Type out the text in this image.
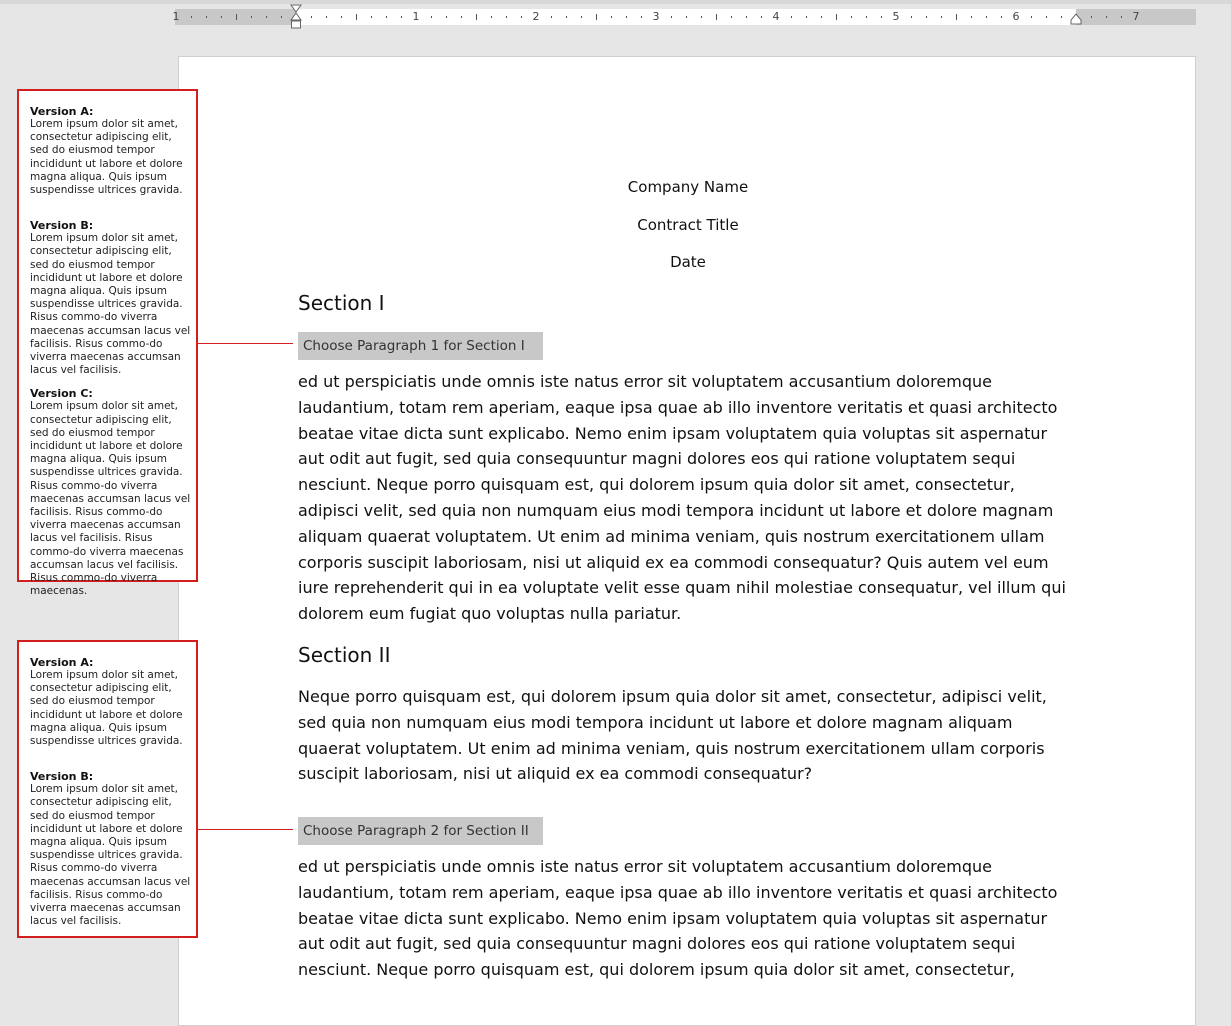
1	1	2	3	4	5	6	7
Company Name
Contract Title
Date
Section I
Choose Paragraph 1 for Section I
ed ut perspiciatis unde omnis iste natus error sit voluptatem accusantium doloremque laudantium, totam rem aperiam, eaque ipsa quae ab illo inventore veritatis et quasi architecto beatae vitae dicta sunt explicabo. Nemo enim ipsam voluptatem quia voluptas sit aspernatur aut odit aut fugit, sed quia consequuntur magni dolores eos qui ratione voluptatem sequi nesciunt. Neque porro quisquam est, qui dolorem ipsum quia dolor sit amet, consectetur, adipisci velit, sed quia non numquam eius modi tempora incidunt ut labore et dolore magnam aliquam quaerat voluptatem. Ut enim ad minima veniam, quis nostrum exercitationem ullam corporis suscipit laboriosam, nisi ut aliquid ex ea commodi consequatur? Quis autem vel eum iure reprehenderit qui in ea voluptate velit esse quam nihil molestiae consequatur, vel illum qui dolorem eum fugiat quo voluptas nulla pariatur.
Section II
Neque porro quisquam est, qui dolorem ipsum quia dolor sit amet, consectetur, adipisci velit, sed quia non numquam eius modi tempora incidunt ut labore et dolore magnam aliquam quaerat voluptatem. Ut enim ad minima veniam, quis nostrum exercitationem ullam corporis suscipit laboriosam, nisi ut aliquid ex ea commodi consequatur?
Choose Paragraph 2 for Section II
ed ut perspiciatis unde omnis iste natus error sit voluptatem accusantium doloremque laudantium, totam rem aperiam, eaque ipsa quae ab illo inventore veritatis et quasi architecto beatae vitae dicta sunt explicabo. Nemo enim ipsam voluptatem quia voluptas sit aspernatur aut odit aut fugit, sed quia consequuntur magni dolores eos qui ratione voluptatem sequi nesciunt. Neque porro quisquam est, qui dolorem ipsum quia dolor sit amet, consectetur,
Version A:
Lorem ipsum dolor sit amet, consectetur adipiscing elit, sed do eiusmod tempor incididunt ut labore et dolore magna aliqua. Quis ipsum suspendisse ultrices gravida.
Version B:
Lorem ipsum dolor sit amet, consectetur adipiscing elit, sed do eiusmod tempor incididunt ut labore et dolore magna aliqua. Quis ipsum suspendisse ultrices gravida. Risus commo-do viverra maecenas accumsan lacus vel facilisis. Risus commo-do viverra maecenas accumsan lacus vel facilisis.
Version C:
Lorem ipsum dolor sit amet, consectetur adipiscing elit, sed do eiusmod tempor incididunt ut labore et dolore magna aliqua. Quis ipsum suspendisse ultrices gravida. Risus commo-do viverra maecenas accumsan lacus vel facilisis. Risus commo-do viverra maecenas accumsan lacus vel facilisis. Risus commo-do viverra maecenas accumsan lacus vel facilisis. Risus commo-do viverra maecenas.
Version A:
Lorem ipsum dolor sit amet, consectetur adipiscing elit, sed do eiusmod tempor incididunt ut labore et dolore magna aliqua. Quis ipsum suspendisse ultrices gravida.
Version B:
Lorem ipsum dolor sit amet, consectetur adipiscing elit, sed do eiusmod tempor incididunt ut labore et dolore magna aliqua. Quis ipsum suspendisse ultrices gravida. Risus commo-do viverra maecenas accumsan lacus vel facilisis. Risus commo-do viverra maecenas accumsan lacus vel facilisis.
